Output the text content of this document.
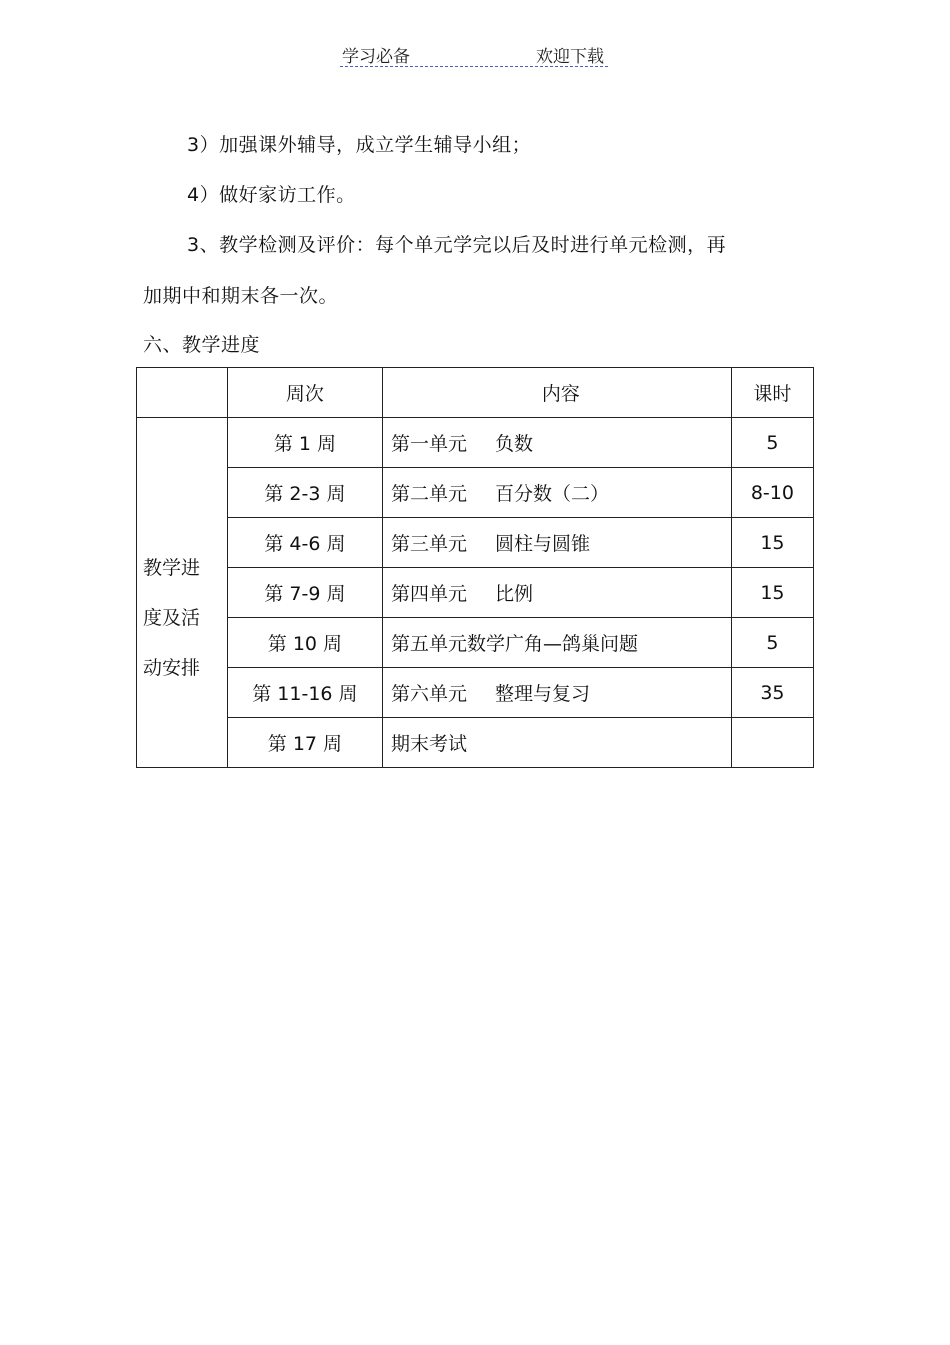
学习必备	欢迎下载
3）加强课外辅导，成立学生辅导小组；
4）做好家访工作。
3、教学检测及评价：每个单元学完以后及时进行单元检测，再
加期中和期末各一次。
六、教学进度
	周次	内容	课时

教学进
度及活
动安排	第 1 周	第一单元 负数	5
	第 2-3 周	第二单元 百分数（二）	8-10
	第 4-6 周	第三单元 圆柱与圆锥	15
	第 7-9 周	第四单元 比例	15
	第 10 周	第五单元数学广角—鸽巢问题	5
	第 11-16 周	第六单元 整理与复习	35
	第 17 周	期末考试	
